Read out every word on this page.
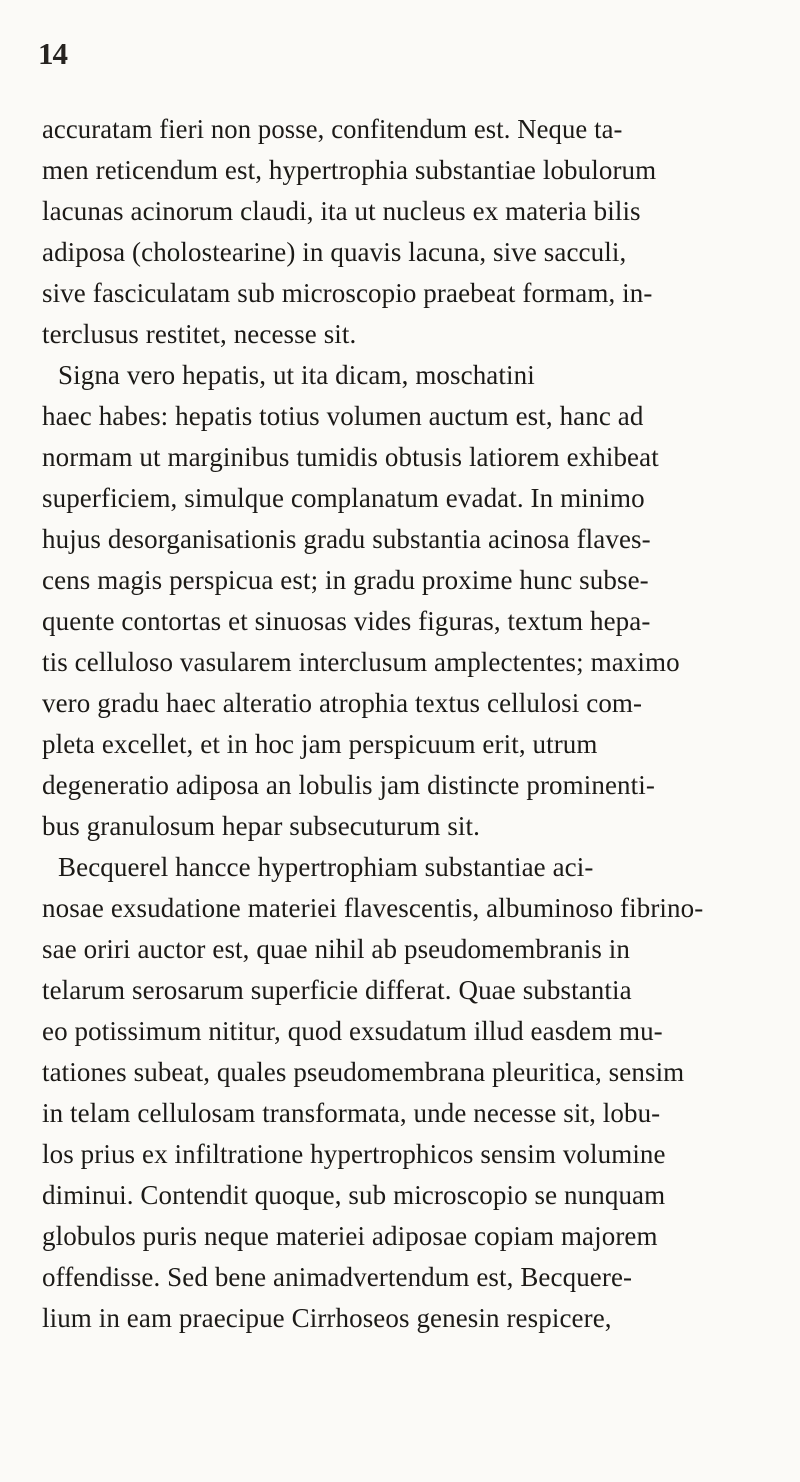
14
accuratam fieri non posse, confitendum est. Neque ta-
men reticendum est, hypertrophia substantiae lobulorum
lacunas acinorum claudi, ita ut nucleus ex materia bilis
adiposa (cholostearine) in quavis lacuna, sive sacculi,
sive fasciculatam sub microscopio praebeat formam, in-
terclusus restitet, necesse sit.
Signa vero hepatis, ut ita dicam, moschatini
haec habes: hepatis totius volumen auctum est, hanc ad
normam ut marginibus tumidis obtusis latiorem exhibeat
superficiem, simulque complanatum evadat. In minimo
hujus desorganisationis gradu substantia acinosa flaves-
cens magis perspicua est; in gradu proxime hunc subse-
quente contortas et sinuosas vides figuras, textum hepa-
tis celluloso vasularem interclusum amplectentes; maximo
vero gradu haec alteratio atrophia textus cellulosi com-
pleta excellet, et in hoc jam perspicuum erit, utrum
degeneratio adiposa an lobulis jam distincte prominenti-
bus granulosum hepar subsecuturum sit.
Becquerel hancce hypertrophiam substantiae aci-
nosae exsudatione materiei flavescentis, albuminoso fibrino-
sae oriri auctor est, quae nihil ab pseudomembranis in
telarum serosarum superficie differat. Quae substantia
eo potissimum nititur, quod exsudatum illud easdem mu-
tationes subeat, quales pseudomembrana pleuritica, sensim
in telam cellulosam transformata, unde necesse sit, lobu-
los prius ex infiltratione hypertrophicos sensim volumine
diminui. Contendit quoque, sub microscopio se nunquam
globulos puris neque materiei adiposae copiam majorem
offendisse. Sed bene animadvertendum est, Becquere-
lium in eam praecipue Cirrhoseos genesin respicere,
